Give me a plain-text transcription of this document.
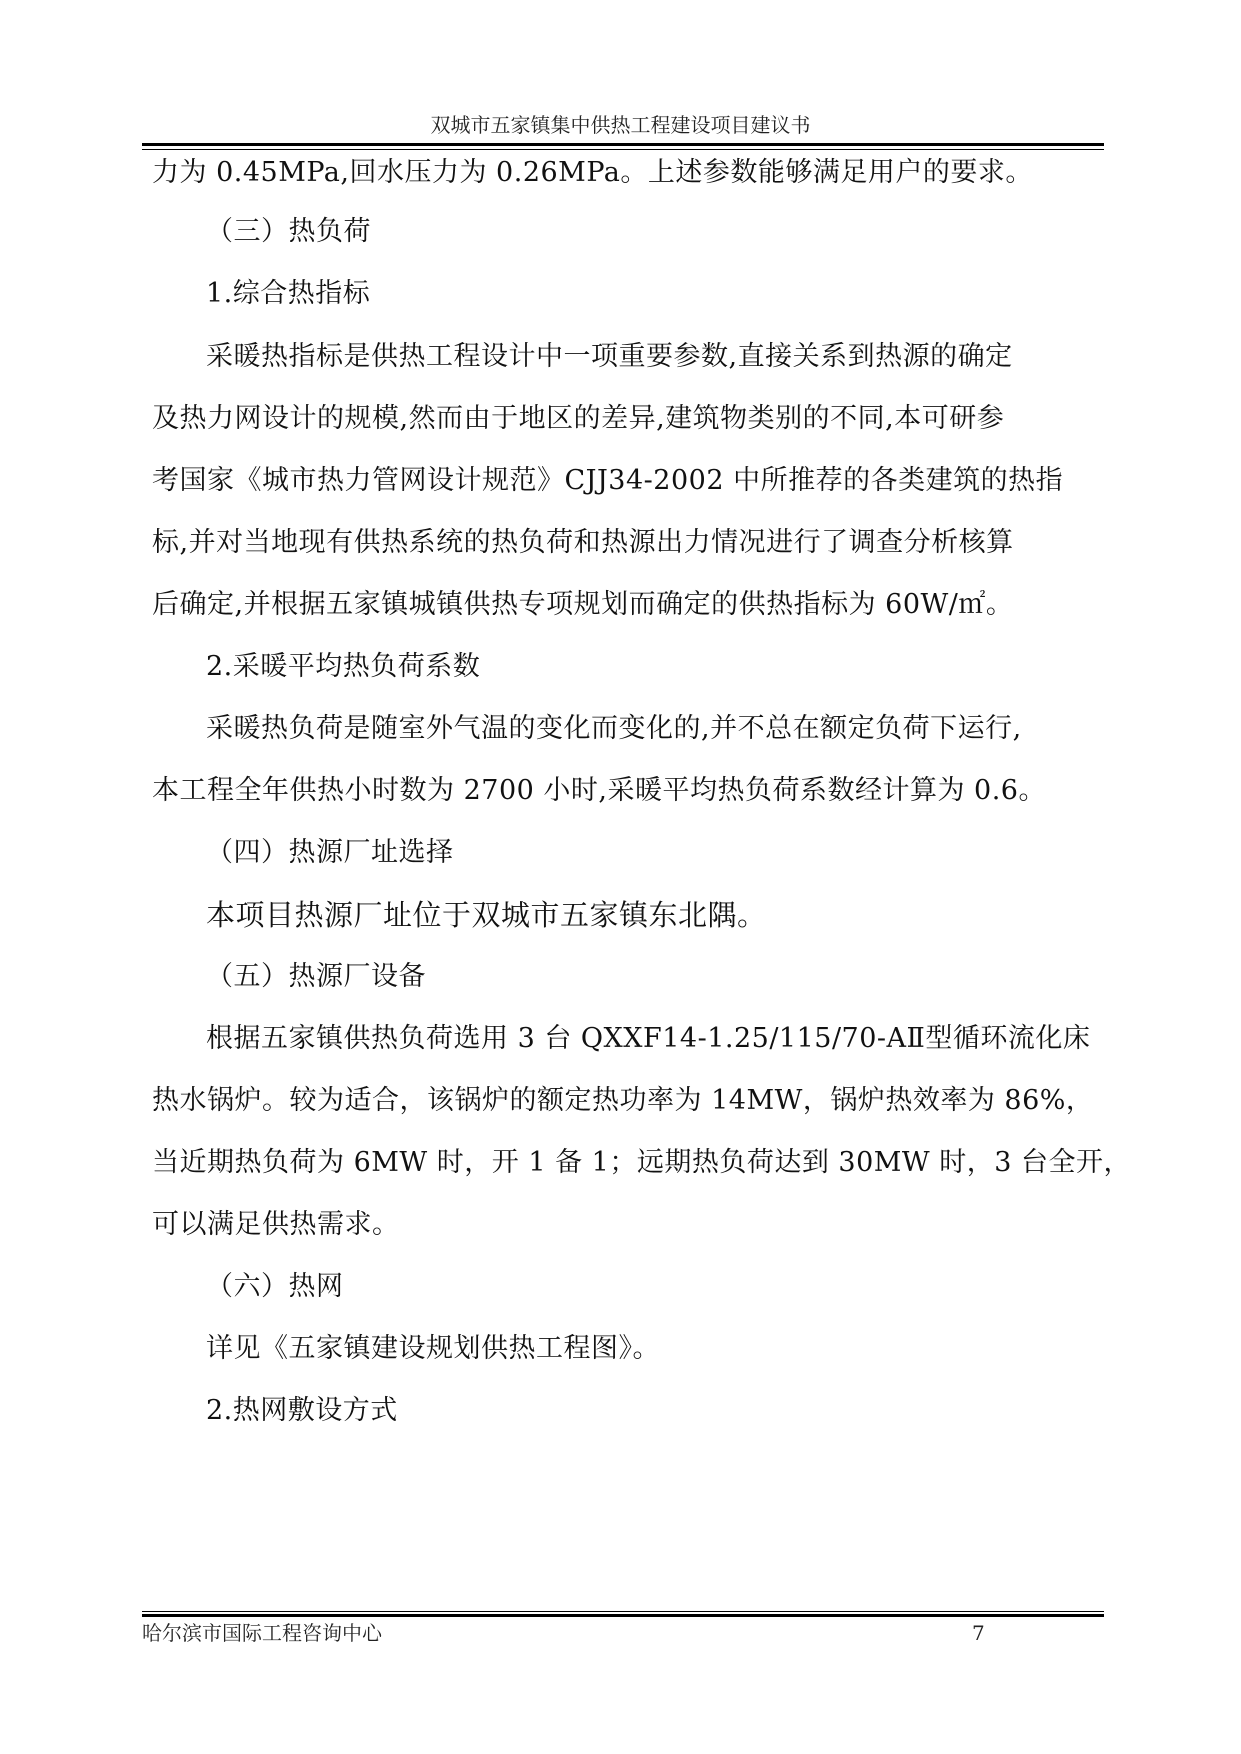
双城市五家镇集中供热工程建设项目建议书
力为 0.45MPa,回水压力为 0.26MPa。上述参数能够满足用户的要求。
（三）热负荷
1.综合热指标
采暖热指标是供热工程设计中一项重要参数,直接关系到热源的确定
及热力网设计的规模,然而由于地区的差异,建筑物类别的不同,本可研参
考国家《城市热力管网设计规范》CJJ34-2002 中所推荐的各类建筑的热指
标,并对当地现有供热系统的热负荷和热源出力情况进行了调查分析核算
后确定,并根据五家镇城镇供热专项规划而确定的供热指标为 60W/㎡。
2.采暖平均热负荷系数
采暖热负荷是随室外气温的变化而变化的,并不总在额定负荷下运行,
本工程全年供热小时数为 2700 小时,采暖平均热负荷系数经计算为 0.6。
（四）热源厂址选择
本项目热源厂址位于双城市五家镇东北隅。
（五）热源厂设备
根据五家镇供热负荷选用 3 台 QXXF14-1.25/115/70-AⅡ型循环流化床
热水锅炉。较为适合，该锅炉的额定热功率为 14MW，锅炉热效率为 86%，
当近期热负荷为 6MW 时，开 1 备 1；远期热负荷达到 30MW 时，3 台全开，
可以满足供热需求。
（六）热网
详见《五家镇建设规划供热工程图》。
2.热网敷设方式
哈尔滨市国际工程咨询中心	7
